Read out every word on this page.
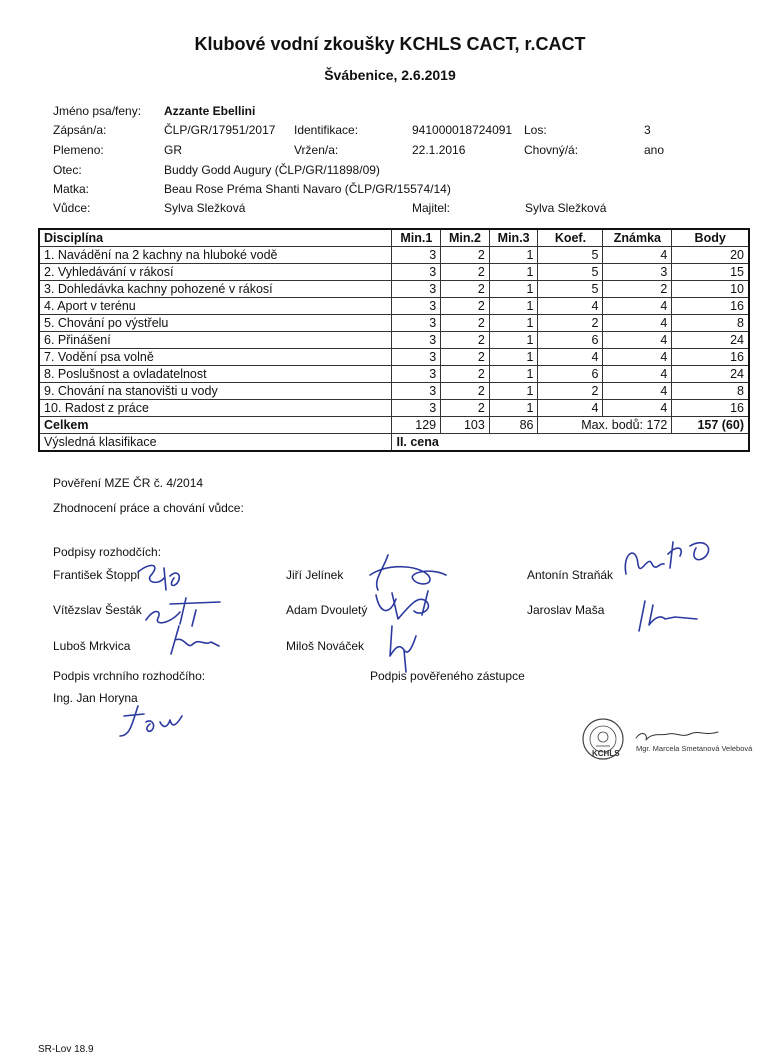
Klubové vodní zkoušky KCHLS CACT, r.CACT
Švábenice, 2.6.2019
Jméno psa/feny: Azzante Ebellini
Zápsán/a:	ČLP/GR/17951/2017 Identifikace:	941000018724091 Los:	3
Plemeno:	GR	Vržen/a:	22.1.2016	Chovný/á:	ano
Otec:	Buddy Godd Augury (ČLP/GR/11898/09)
Matka:	Beau Rose Préma Shanti Navaro (ČLP/GR/15574/14)
Vůdce:	Sylva Sležková	Majitel:	Sylva Sležková
Disciplína	Min.1	Min.2	Min.3	Koef.	Známka	Body
1. Navádění na 2 kachny na hluboké vodě	3	2	1	5	4	20
2. Vyhledávání v rákosí	3	2	1	5	3	15
3. Dohledávka kachny pohozené v rákosí	3	2	1	5	2	10
4. Aport v terénu	3	2	1	4	4	16
5. Chování po výstřelu	3	2	1	2	4	8
6. Přinášení	3	2	1	6	4	24
7. Vodění psa volně	3	2	1	4	4	16
8. Poslušnost a ovladatelnost	3	2	1	6	4	24
9. Chování na stanovišti u vody	3	2	1	2	4	8
10. Radost z práce	3	2	1	4	4	16
Celkem	129	103	86	Max. bodů: 172		157 (60)
Výsledná klasifikace	II. cena					
Pověření MZE ČR č. 4/2014
Zhodnocení práce a chování vůdce:
Podpisy rozhodčích:
František Štoppl	Jiří Jelínek	Antonín Straňák
Vítězslav Šesták	Adam Dvouletý	Jaroslav Maša
Luboš Mrkvica	Miloš Nováček
Podpis vrchního rozhodčího:	Podpis pověřeného zástupce
Ing. Jan Horyna
KCHLS
Mgr. Marcela Smetanová Velebová
SR-Lov 18.9
